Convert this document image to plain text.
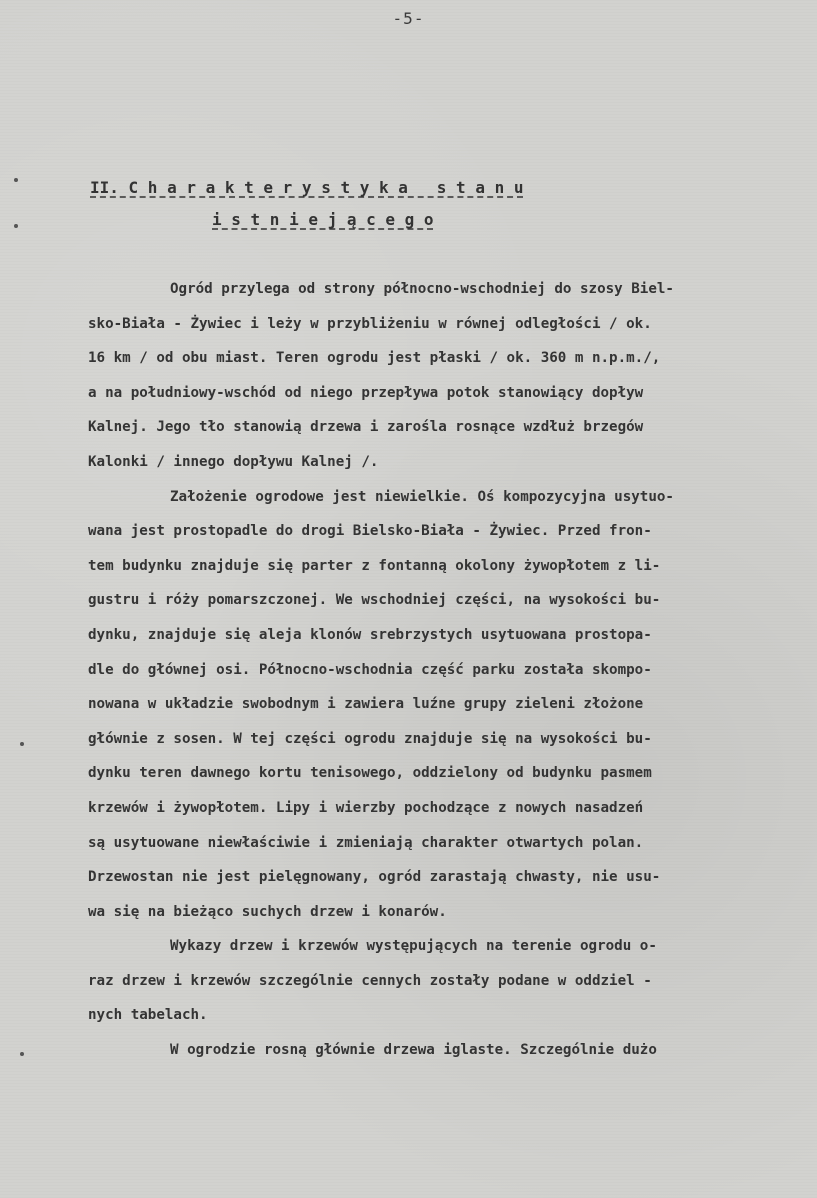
-5-
II. C h a r a k t e r y s t y k a   s t a n u
i s t n i e j ą c e g o

Ogród przylega od strony północno-wschodniej do szosy Biel-
sko-Biała - Żywiec i leży w przybliżeniu w równej odległości / ok.
16 km / od obu miast. Teren ogrodu jest płaski / ok. 360 m n.p.m./,
a na południowy-wschód od niego przepływa potok stanowiący dopływ
Kalnej. Jego tło stanowią drzewa i zarośla rosnące wzdłuż brzegów
Kalonki / innego dopływu Kalnej /.

Założenie ogrodowe jest niewielkie. Oś kompozycyjna usytuo-
wana jest prostopadle do drogi Bielsko-Biała - Żywiec. Przed fron-
tem budynku znajduje się parter z fontanną okolony żywopłotem z li-
gustru i róży pomarszczonej. We wschodniej części, na wysokości bu-
dynku, znajduje się aleja klonów srebrzystych usytuowana prostopa-
dle do głównej osi. Północno-wschodnia część parku została skompo-
nowana w układzie swobodnym i zawiera luźne grupy zieleni złożone
głównie z sosen. W tej części ogrodu znajduje się na wysokości bu-
dynku teren dawnego kortu tenisowego, oddzielony od budynku pasmem
krzewów i żywopłotem. Lipy i wierzby pochodzące z nowych nasadzeń
są usytuowane niewłaściwie i zmieniają charakter otwartych polan.
Drzewostan nie jest pielęgnowany, ogród zarastają chwasty, nie usu-
wa się na bieżąco suchych drzew i konarów.

Wykazy drzew i krzewów występujących na terenie ogrodu o-
raz drzew i krzewów szczególnie cennych zostały podane w oddziel -
nych tabelach.

W ogrodzie rosną głównie drzewa iglaste. Szczególnie dużo
